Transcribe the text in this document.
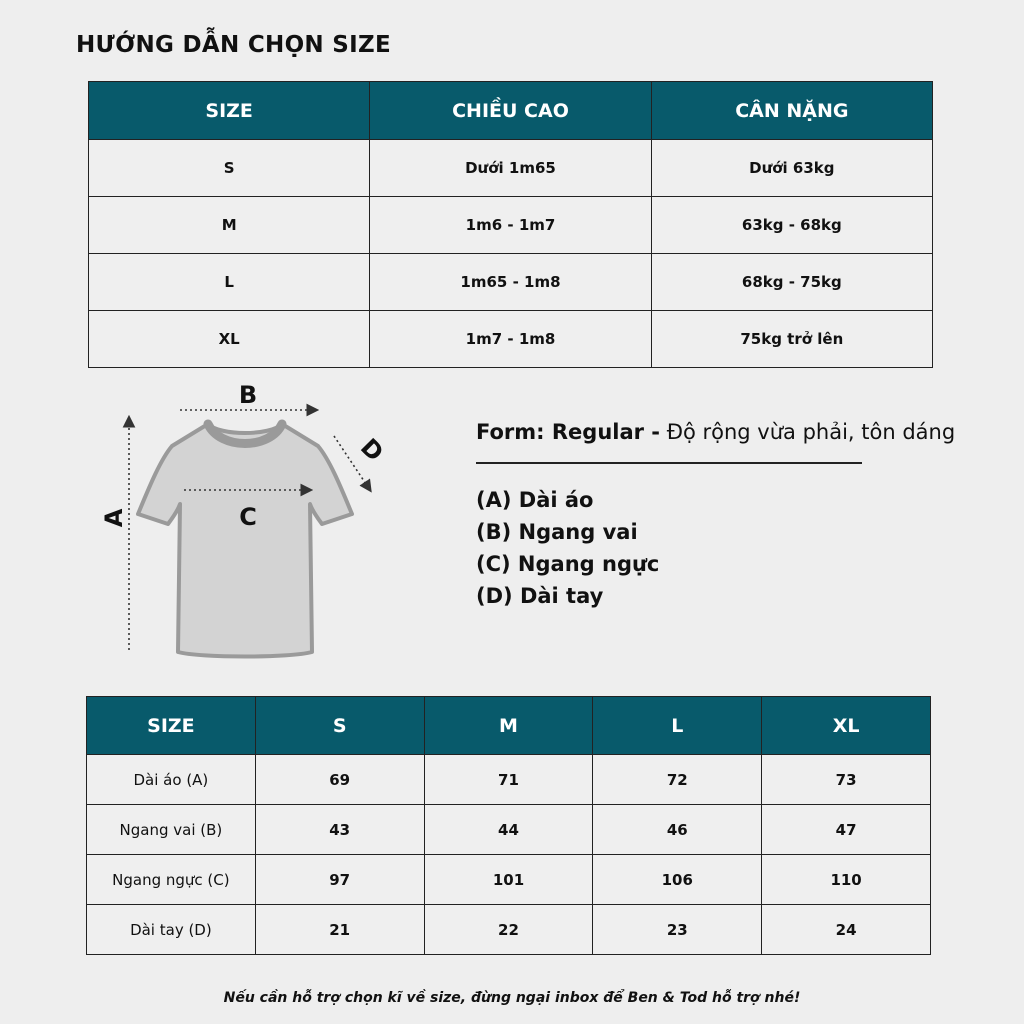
HƯỚNG DẪN CHỌN SIZE
SIZE	CHIỀU CAO	CÂN NẶNG
S	Dưới 1m65	Dưới 63kg
M	1m6 - 1m7	63kg - 68kg
L	1m65 - 1m8	68kg - 75kg
XL	1m7 - 1m8	75kg trở lên
A
B
C
D
Form: Regular - Độ rộng vừa phải, tôn dáng
(A) Dài áo
(B) Ngang vai
(C) Ngang ngực
(D) Dài tay
SIZE	S	M	L	XL
Dài áo (A)	69	71	72	73
Ngang vai (B)	43	44	46	47
Ngang ngực (C)	97	101	106	110
Dài tay (D)	21	22	23	24
Nếu cần hỗ trợ chọn kĩ về size, đừng ngại inbox để Ben & Tod hỗ trợ nhé!
